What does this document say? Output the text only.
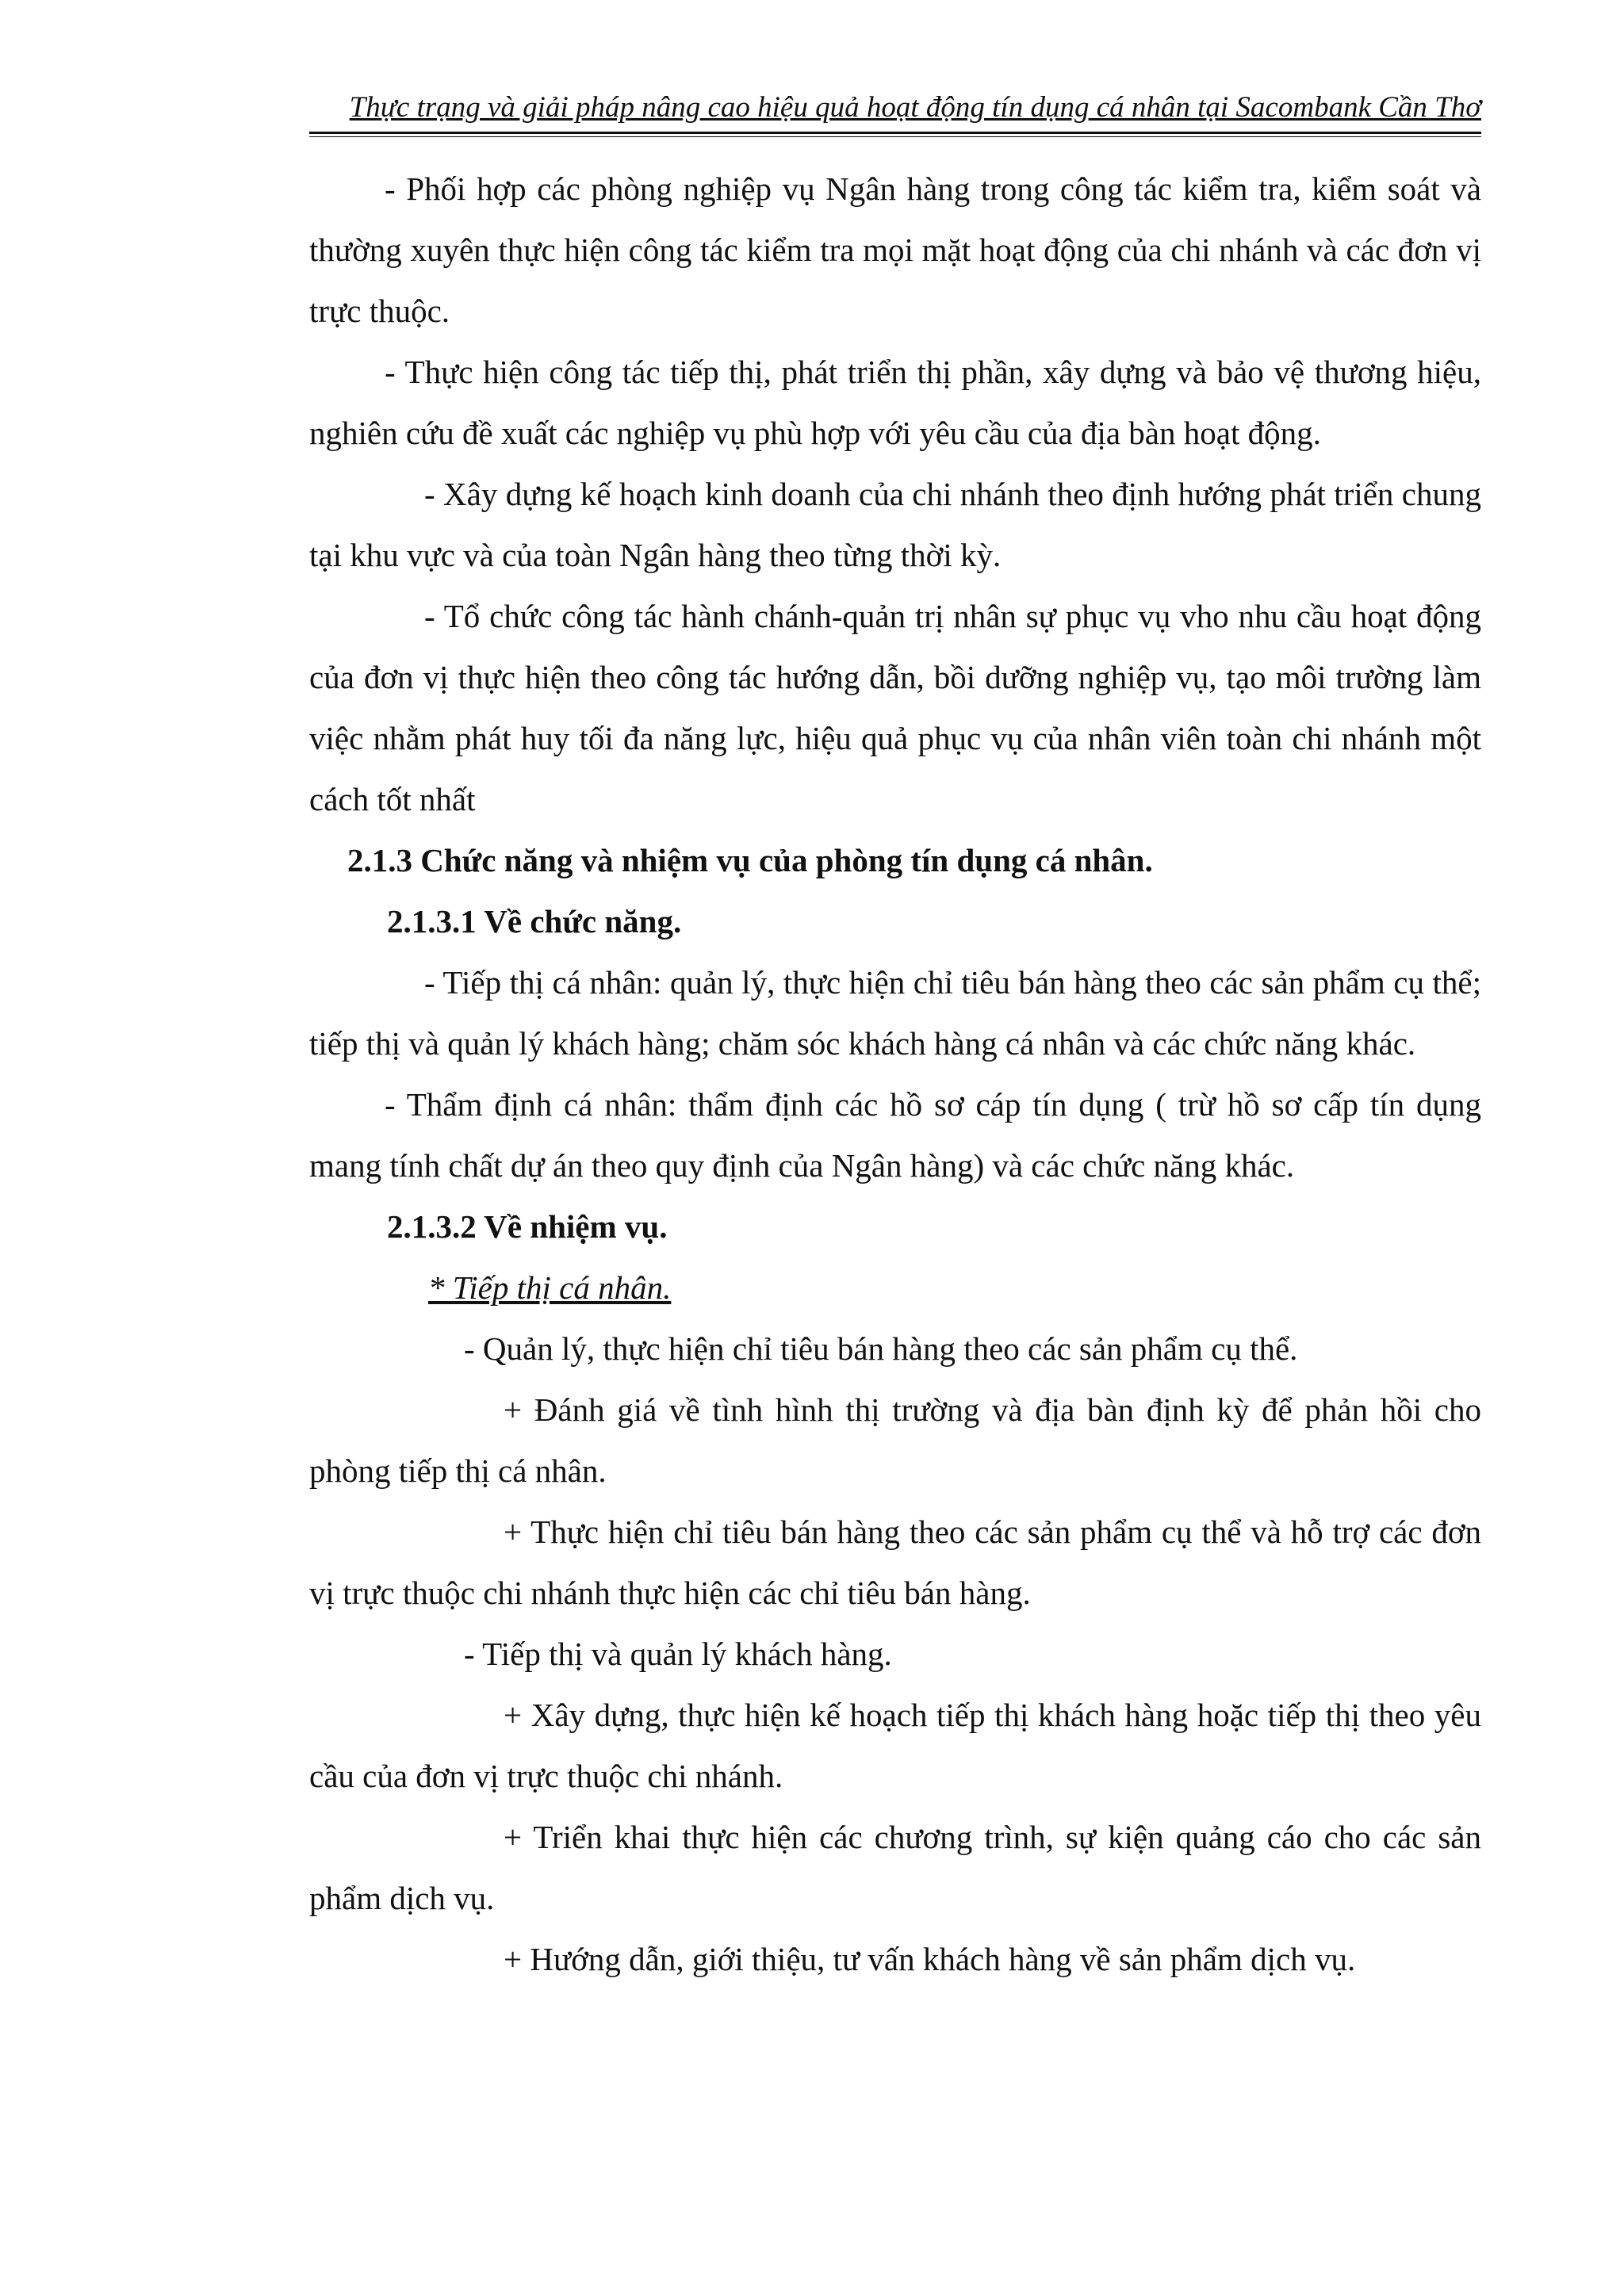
Thực trạng và giải pháp nâng cao hiệu quả hoạt động tín dụng cá nhân tại Sacombank Cần Thơ

- Phối hợp các phòng nghiệp vụ Ngân hàng trong công tác kiểm tra, kiểm soát và thường xuyên thực hiện công tác kiểm tra mọi mặt hoạt động của chi nhánh và các đơn vị trực thuộc.

- Thực hiện công tác tiếp thị, phát triển thị phần, xây dựng và bảo vệ thương hiệu, nghiên cứu đề xuất các nghiệp vụ phù hợp với yêu cầu của địa bàn hoạt động.

- Xây dựng kế hoạch kinh doanh của chi nhánh theo định hướng phát triển chung tại khu vực và của toàn Ngân hàng theo từng thời kỳ.

- Tổ chức công tác hành chánh-quản trị nhân sự phục vụ vho nhu cầu hoạt động của đơn vị thực hiện theo công tác hướng dẫn, bồi dưỡng nghiệp vụ, tạo môi trường làm việc nhằm phát huy tối đa năng lực, hiệu quả phục vụ của nhân viên toàn chi nhánh một cách tốt nhất

2.1.3 Chức năng và nhiệm vụ của phòng tín dụng cá nhân.

2.1.3.1 Về chức năng.

- Tiếp thị cá nhân: quản lý, thực hiện chỉ tiêu bán hàng theo các sản phẩm cụ thể; tiếp thị và quản lý khách hàng; chăm sóc khách hàng cá nhân và các chức năng khác.

- Thẩm định cá nhân: thẩm định các hồ sơ cáp tín dụng ( trừ hồ sơ cấp tín dụng mang tính chất dự án theo quy định của Ngân hàng) và các chức năng khác.

2.1.3.2 Về nhiệm vụ.

* Tiếp thị cá nhân.

- Quản lý, thực hiện chỉ tiêu bán hàng theo các sản phẩm cụ thể.

+ Đánh giá về tình hình thị trường và địa bàn định kỳ để phản hồi cho phòng tiếp thị cá nhân.

+ Thực hiện chỉ tiêu bán hàng theo các sản phẩm cụ thể và hỗ trợ các đơn vị trực thuộc chi nhánh thực hiện các chỉ tiêu bán hàng.

- Tiếp thị và quản lý khách hàng.

+ Xây dựng, thực hiện kế hoạch tiếp thị khách hàng hoặc tiếp thị theo yêu cầu của đơn vị trực thuộc chi nhánh.

+ Triển khai thực hiện các chương trình, sự kiện quảng cáo cho các sản phẩm dịch vụ.

+ Hướng dẫn, giới thiệu, tư vấn khách hàng về sản phẩm dịch vụ.
